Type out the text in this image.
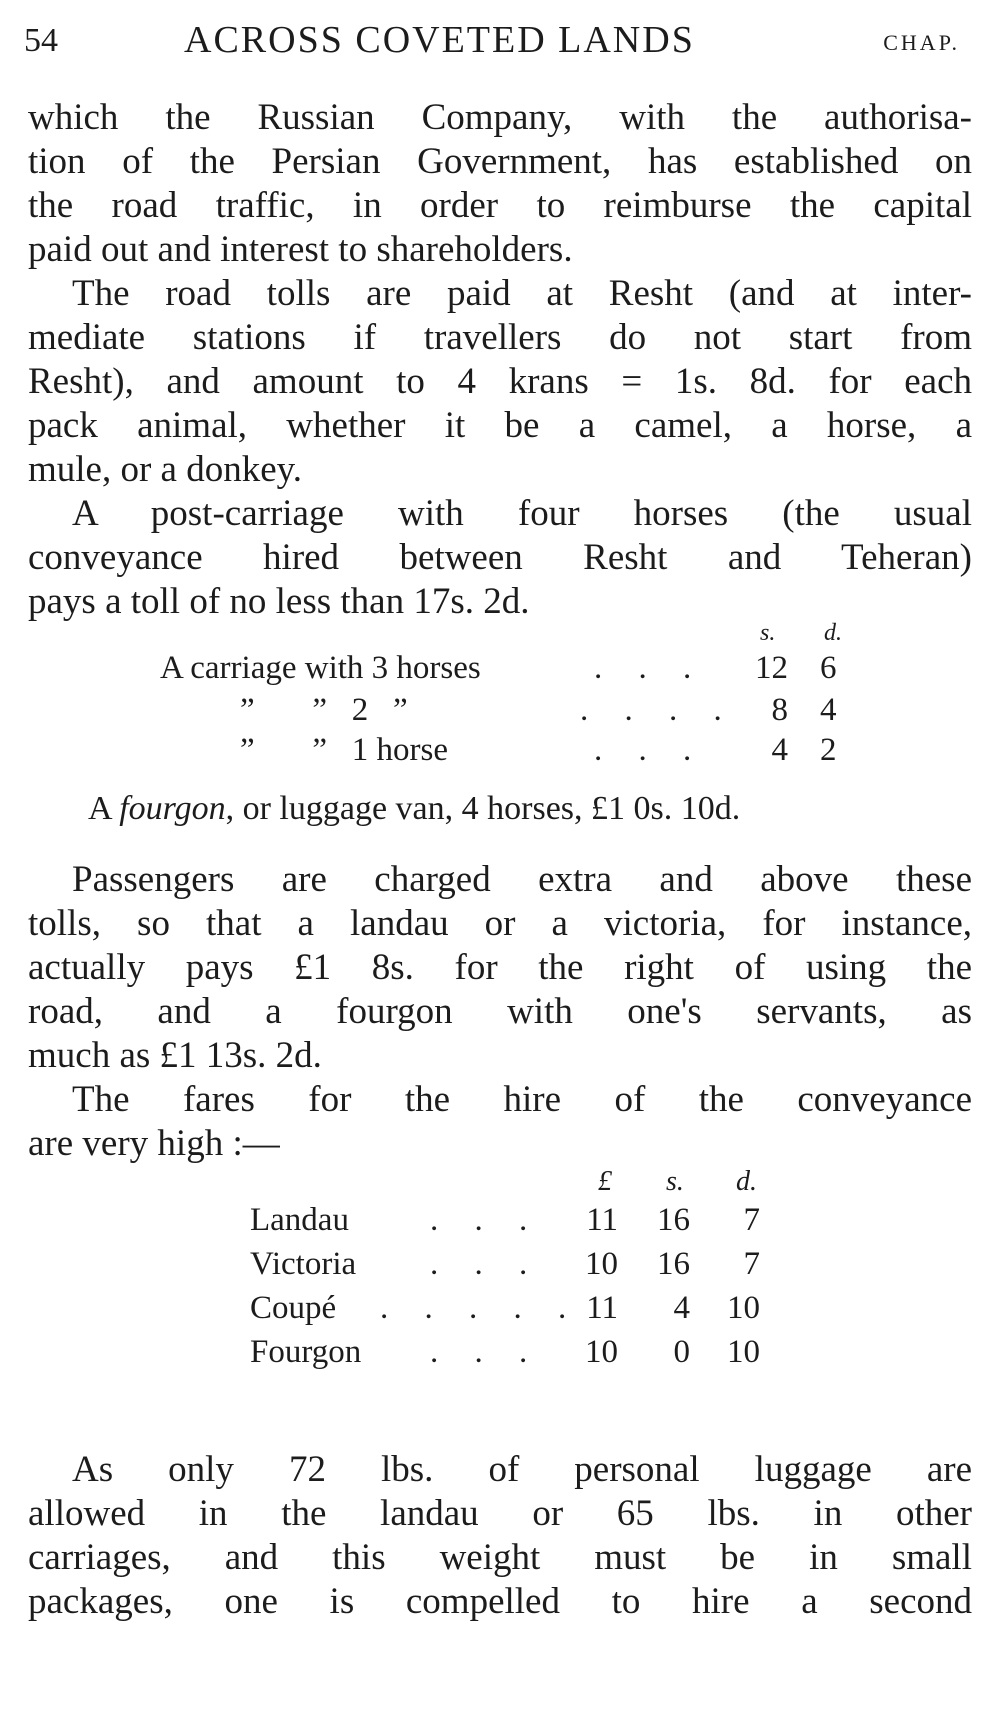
54	ACROSS COVETED LANDS	CHAP.
which the Russian Company, with the authorisa-
tion of the Persian Government, has established on
the road traffic, in order to reimburse the capital
paid out and interest to shareholders.
The road tolls are paid at Resht (and at inter-
mediate stations if travellers do not start from
Resht), and amount to 4 krans = 1s. 8d. for each
pack animal, whether it be a camel, a horse, a
mule, or a donkey.
A post-carriage with four horses (the usual
conveyance hired between Resht and Teheran)
pays a toll of no less than 17s. 2d.
s. d.
A carriage with 3 horses	. . .	12 6
”       ”   2   ”	. . . .	8 4
”       ”   1 horse	. . .	4 2
A fourgon, or luggage van, 4 horses, £1 0s. 10d.
Passengers are charged extra and above these
tolls, so that a landau or a victoria, for instance,
actually pays £1 8s. for the right of using the
road, and a fourgon with one's servants, as
much as £1 13s. 2d.
The fares for the hire of the conveyance
are very high :—
£ s. d.
Landau . . .	11	16	7
Victoria . . .	10	16	7
Coupé . . . . . 11	4	10
Fourgon . . .	10	0	10
As only 72 lbs. of personal luggage are
allowed in the landau or 65 lbs. in other
carriages, and this weight must be in small
packages, one is compelled to hire a second
